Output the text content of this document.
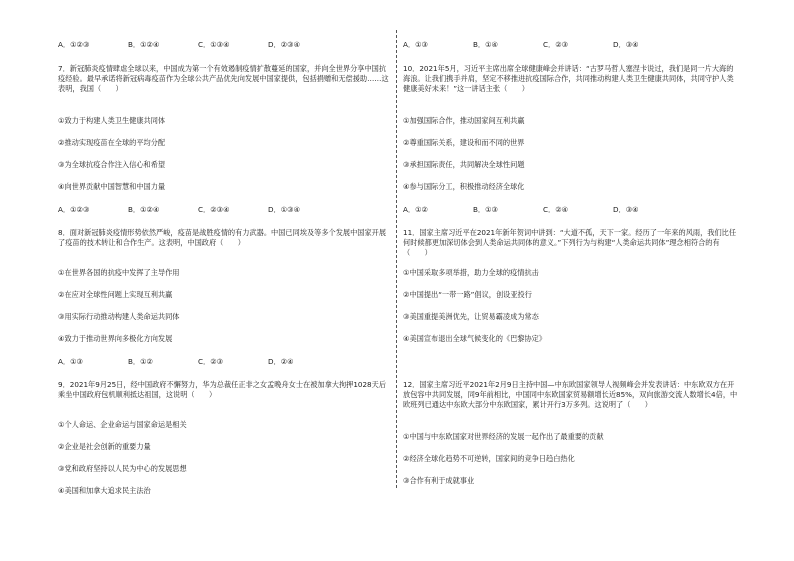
A．①②③	B．①②④	C．①③④	D．②③④

7．新冠肺炎疫情肆虐全球以来，中国成为第一个有效遏制疫情扩散蔓延的国家，并向全世界分享中国抗疫经验。最早承诺将新冠病毒疫苗作为全球公共产品优先向发展中国家提供，包括捐赠和无偿援助……这表明，我国（　　）

①致力于构建人类卫生健康共同体
②推动实现疫苗在全球的平均分配
③为全球抗疫合作注入信心和希望
④向世界贡献中国智慧和中国力量
A．①②③	B．①②④	C．②③④	D．①③④

8．面对新冠肺炎疫情形势依然严峻，疫苗是战胜疫情的有力武器。中国已同埃及等多个发展中国家开展了疫苗的技术转让和合作生产。这表明，中国政府（　　）

①在世界各国的抗疫中发挥了主导作用
②在应对全球性问题上实现互利共赢
③用实际行动推动构建人类命运共同体
④致力于推动世界向多极化方向发展
A．①③	B．①②	C．②③	D．②④

9．2021年9月25日，经中国政府不懈努力，华为总裁任正非之女孟晚舟女士在被加拿大拘押1028天后乘坐中国政府包机顺利抵达祖国，这说明（　　）

①个人命运、企业命运与国家命运是相关
②企业是社会创新的重要力量
③党和政府坚持以人民为中心的发展思想
④美国和加拿大追求民主法治
A．①③	B．①④	C．②③	D．③④

10．2021年5月，习近平主席出席全球健康峰会并讲话：“古罗马哲人塞涅卡说过，我们是同一片大海的海浪。让我们携手并肩，坚定不移推进抗疫国际合作，共同推动构建人类卫生健康共同体，共同守护人类健康美好未来！”这一讲话主张（　　）

①加强国际合作，推动国家间互利共赢
②尊重国际关系，建设和而不同的世界
③承担国际责任，共同解决全球性问题
④参与国际分工，积极推动经济全球化
A．①②	B．①③	C．②④	D．③④

11．国家主席习近平在2021年新年贺词中讲到：“大道不孤，天下一家。经历了一年来的风雨，我们比任何时候都更加深切体会到人类命运共同体的意义。”下列行为与构建“人类命运共同体”理念相符合的有（　　）

①中国采取多项举措，助力全球的疫情抗击
②中国提出“一带一路”倡议，创设亚投行
③美国重提美洲优先，让贸易霸凌成为常态
④美国宣布退出全球气候变化的《巴黎协定》

12．国家主席习近平2021年2月9日主持中国—中东欧国家领导人视频峰会并发表讲话：中东欧双方在开放包容中共同发展，同9年前相比，中国同中东欧国家贸易额增长近85%，双向旅游交流人数增长4倍，中欧班列已通达中东欧大部分中东欧国家，累计开行3万多列。这说明了（　　）

①中国与中东欧国家对世界经济的发展一起作出了最重要的贡献
②经济全球化趋势不可逆转，国家间的竞争日趋白热化
③合作有利于成就事业
